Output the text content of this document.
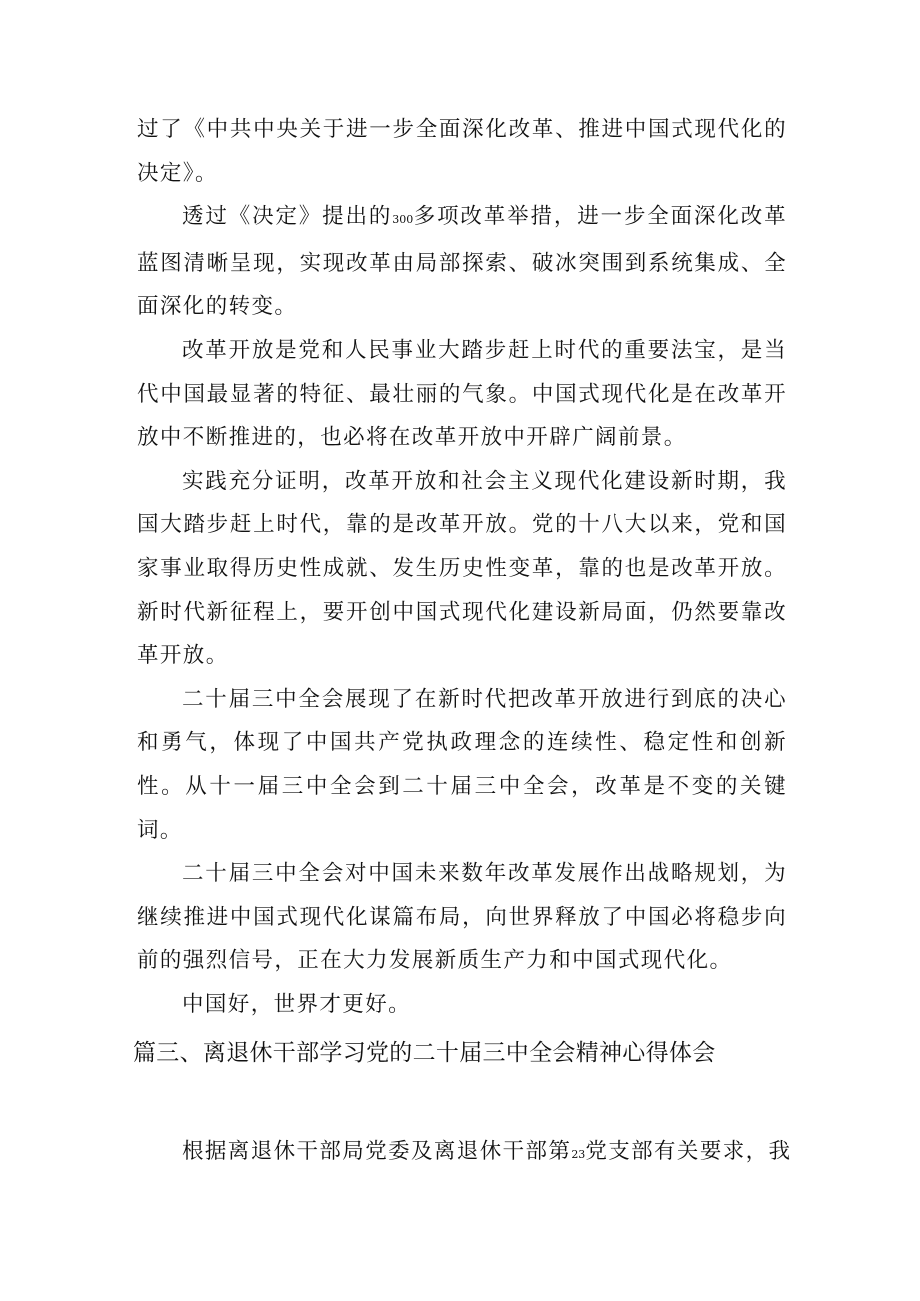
过了《中共中央关于进一步全面深化改革、推进中国式现代化的决定》。

透过《决定》提出的300多项改革举措，进一步全面深化改革蓝图清晰呈现，实现改革由局部探索、破冰突围到系统集成、全面深化的转变。

改革开放是党和人民事业大踏步赶上时代的重要法宝，是当代中国最显著的特征、最壮丽的气象。中国式现代化是在改革开放中不断推进的，也必将在改革开放中开辟广阔前景。

实践充分证明，改革开放和社会主义现代化建设新时期，我国大踏步赶上时代，靠的是改革开放。党的十八大以来，党和国家事业取得历史性成就、发生历史性变革，靠的也是改革开放。新时代新征程上，要开创中国式现代化建设新局面，仍然要靠改革开放。

二十届三中全会展现了在新时代把改革开放进行到底的决心和勇气，体现了中国共产党执政理念的连续性、稳定性和创新性。从十一届三中全会到二十届三中全会，改革是不变的关键词。

二十届三中全会对中国未来数年改革发展作出战略规划，为继续推进中国式现代化谋篇布局，向世界释放了中国必将稳步向前的强烈信号，正在大力发展新质生产力和中国式现代化。

中国好，世界才更好。

篇三、离退休干部学习党的二十届三中全会精神心得体会

根据离退休干部局党委及离退休干部第23党支部有关要求，我
